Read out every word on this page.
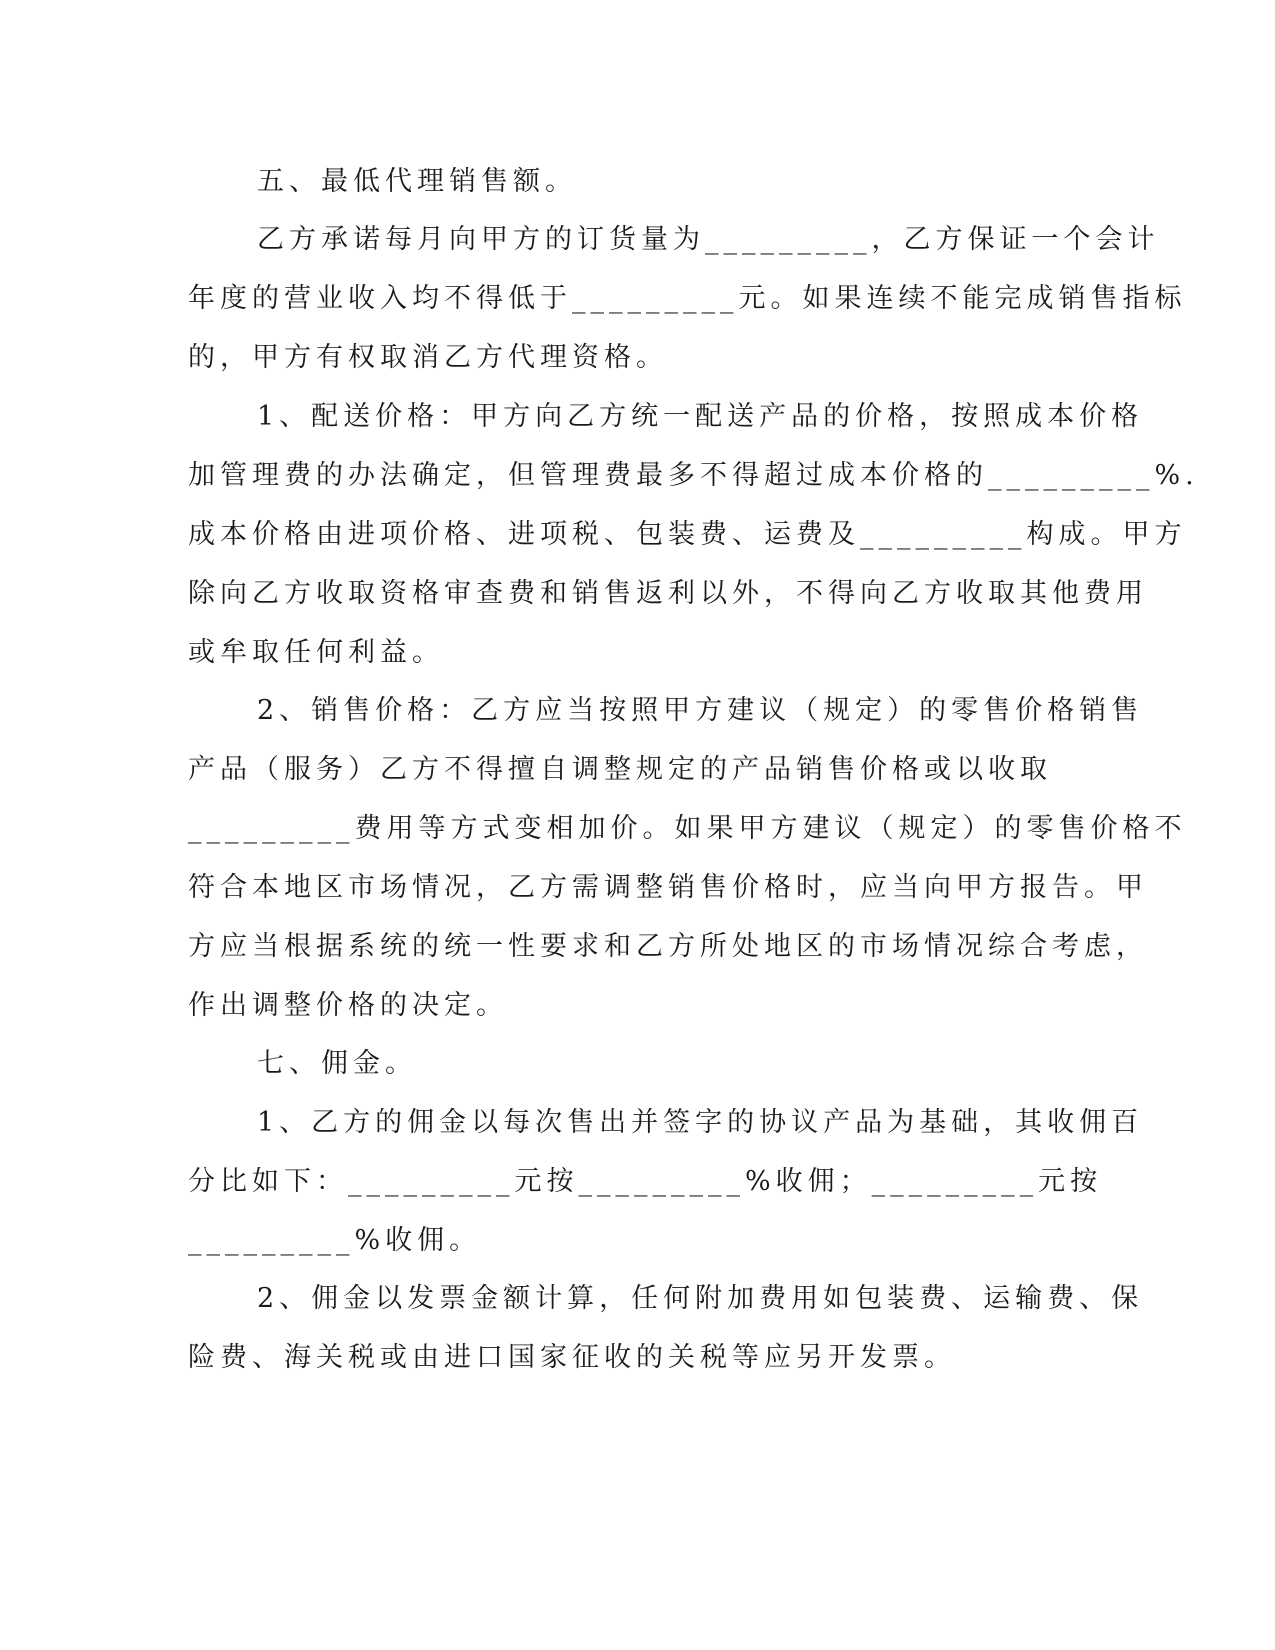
五、最低代理销售额。

乙方承诺每月向甲方的订货量为_________，乙方保证一个会计

年度的营业收入均不得低于_________元。如果连续不能完成销售指标

的，甲方有权取消乙方代理资格。

1、配送价格：甲方向乙方统一配送产品的价格，按照成本价格

加管理费的办法确定，但管理费最多不得超过成本价格的_________%.

成本价格由进项价格、进项税、包装费、运费及_________构成。甲方

除向乙方收取资格审查费和销售返利以外，不得向乙方收取其他费用

或牟取任何利益。

2、销售价格：乙方应当按照甲方建议（规定）的零售价格销售

产品（服务）乙方不得擅自调整规定的产品销售价格或以收取

_________费用等方式变相加价。如果甲方建议（规定）的零售价格不

符合本地区市场情况，乙方需调整销售价格时，应当向甲方报告。甲

方应当根据系统的统一性要求和乙方所处地区的市场情况综合考虑，

作出调整价格的决定。

七、佣金。

1、乙方的佣金以每次售出并签字的协议产品为基础，其收佣百

分比如下：_________元按_________%收佣；_________元按

_________%收佣。

2、佣金以发票金额计算，任何附加费用如包装费、运输费、保

险费、海关税或由进口国家征收的关税等应另开发票。
